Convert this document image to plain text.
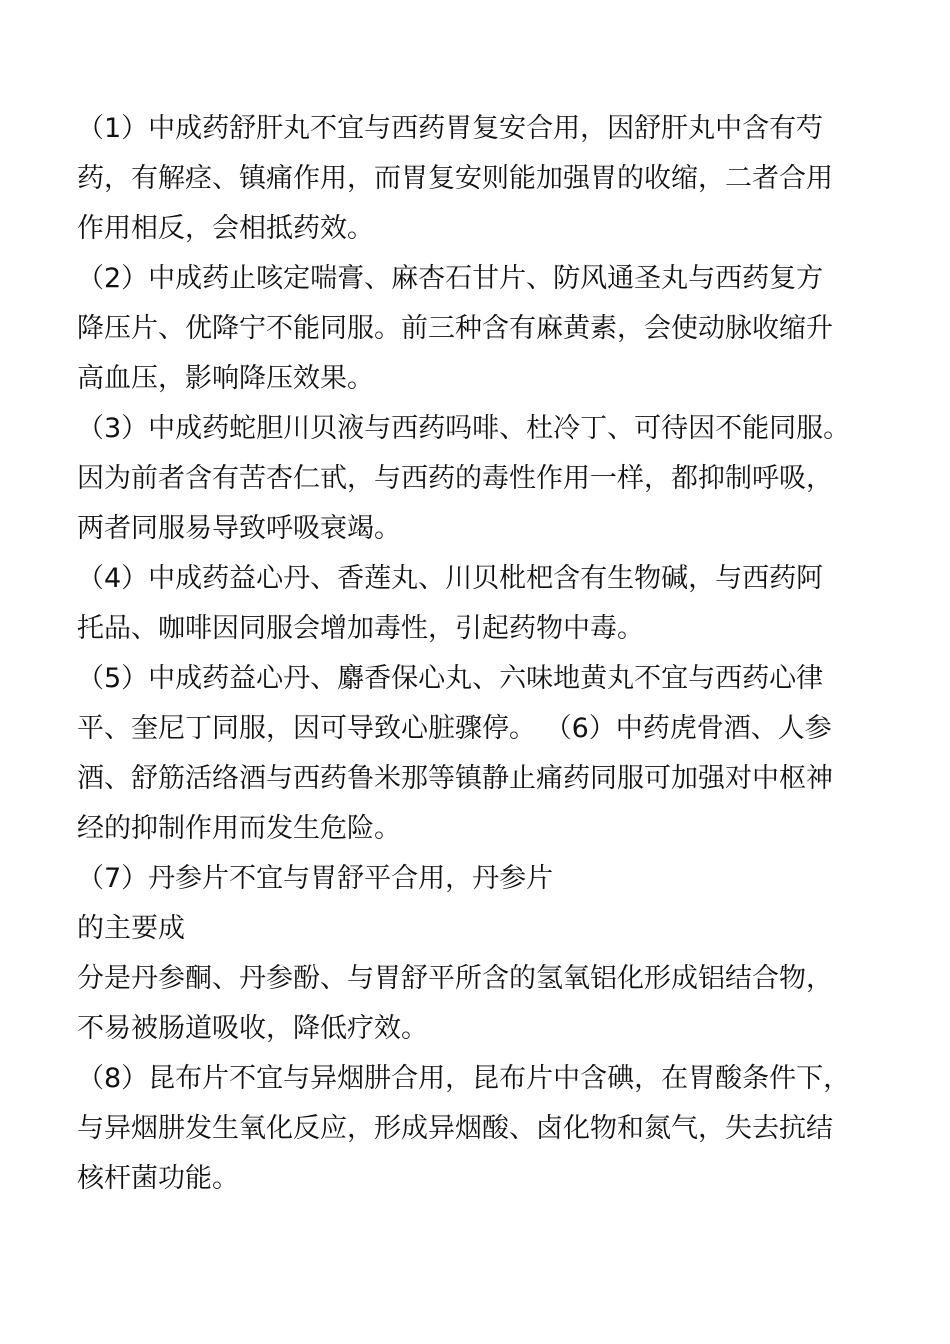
（1）中成药舒肝丸不宜与西药胃复安合用，因舒肝丸中含有芍

药，有解痉、镇痛作用，而胃复安则能加强胃的收缩，二者合用

作用相反，会相抵药效。

（2）中成药止咳定喘膏、麻杏石甘片、防风通圣丸与西药复方

降压片、优降宁不能同服。前三种含有麻黄素，会使动脉收缩升

高血压，影响降压效果。

（3）中成药蛇胆川贝液与西药吗啡、杜冷丁、可待因不能同服。

因为前者含有苦杏仁甙，与西药的毒性作用一样，都抑制呼吸，

两者同服易导致呼吸衰竭。

（4）中成药益心丹、香莲丸、川贝枇杷含有生物碱，与西药阿

托品、咖啡因同服会增加毒性，引起药物中毒。

（5）中成药益心丹、麝香保心丸、六味地黄丸不宜与西药心律

平、奎尼丁同服，因可导致心脏骤停。 （6）中药虎骨酒、人参

酒、舒筋活络酒与西药鲁米那等镇静止痛药同服可加强对中枢神

经的抑制作用而发生危险。

（7）丹参片不宜与胃舒平合用，丹参片

的主要成

分是丹参酮、丹参酚、与胃舒平所含的氢氧铝化形成铝结合物，

不易被肠道吸收，降低疗效。

（8）昆布片不宜与异烟肼合用，昆布片中含碘，在胃酸条件下，

与异烟肼发生氧化反应，形成异烟酸、卤化物和氮气，失去抗结

核杆菌功能。
